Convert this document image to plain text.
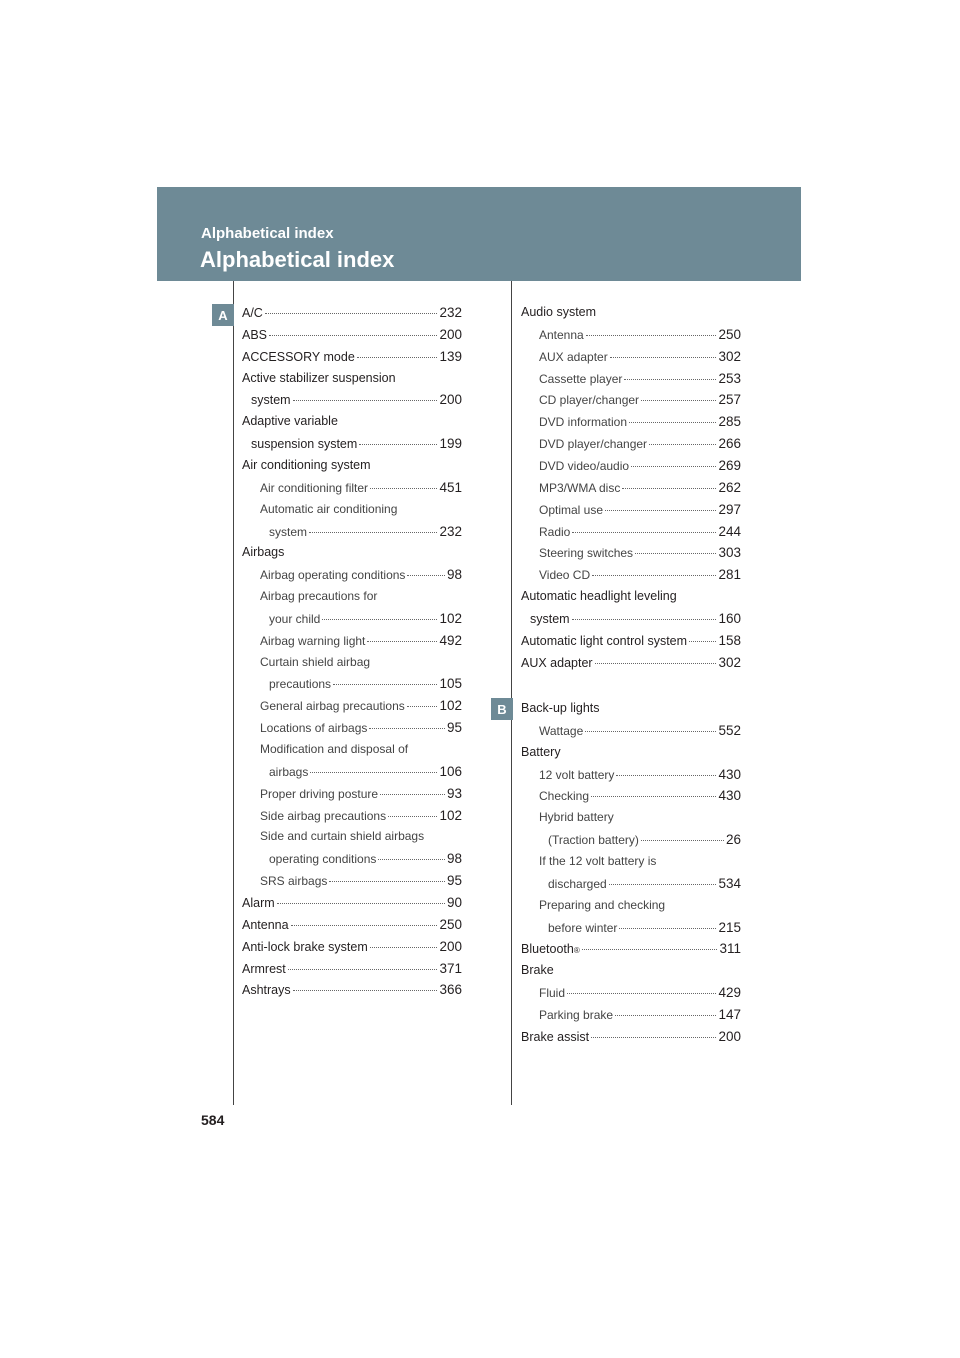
Alphabetical index
Alphabetical index
A
B
A/C	232
ABS	200
ACCESSORY mode	139
Active stabilizer suspension
system	200
Adaptive variable
suspension system	199
Air conditioning system
Air conditioning filter	451
Automatic air conditioning
system	232
Airbags
Airbag operating conditions	98
Airbag precautions for
your child	102
Airbag warning light	492
Curtain shield airbag
precautions	105
General airbag precautions	102
Locations of airbags	95
Modification and disposal of
airbags	106
Proper driving posture	93
Side airbag precautions	102
Side and curtain shield airbags
operating conditions	98
SRS airbags	95
Alarm	90
Antenna	250
Anti-lock brake system	200
Armrest	371
Ashtrays	366
Audio system
Antenna	250
AUX adapter	302
Cassette player	253
CD player/changer	257
DVD information	285
DVD player/changer	266
DVD video/audio	269
MP3/WMA disc	262
Optimal use	297
Radio	244
Steering switches	303
Video CD	281
Automatic headlight leveling
system	160
Automatic light control system 158
AUX adapter	302
Back-up lights
Wattage	552
Battery
12 volt battery	430
Checking	430
Hybrid battery
(Traction battery)	26
If the 12 volt battery is
discharged	534
Preparing and checking
before winter	215
Bluetooth ®	311
Brake
Fluid	429
Parking brake	147
Brake assist	200
584
